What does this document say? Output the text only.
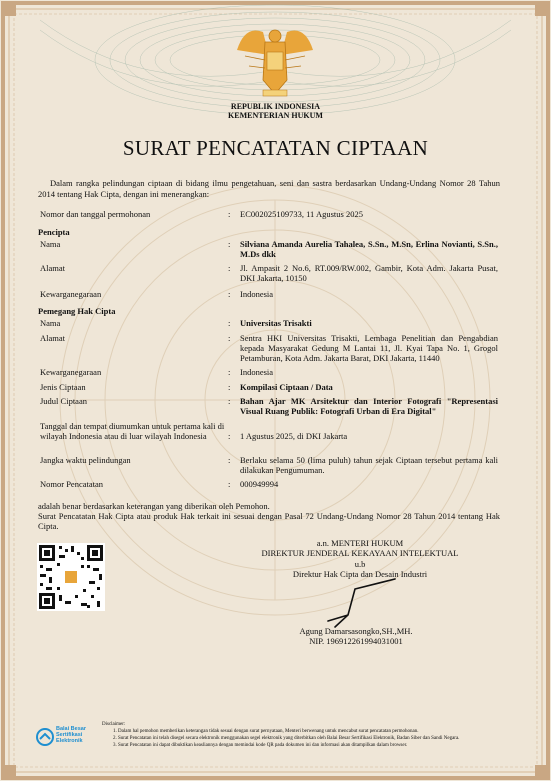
REPUBLIK INDONESIA
KEMENTERIAN HUKUM
SURAT PENCATATAN CIPTAAN
Dalam rangka pelindungan ciptaan di bidang ilmu pengetahuan, seni dan sastra berdasarkan Undang-Undang Nomor 28 Tahun 2014 tentang Hak Cipta, dengan ini menerangkan:
Nomor dan tanggal permohonan	:	EC002025109733, 11 Agustus 2025
Pencipta
Nama	:	Silviana Amanda Aurelia Tahalea, S.Sn., M.Sn, Erlina Novianti, S.Sn., M.Ds dkk
Alamat	:	Jl. Ampasit 2 No.6, RT.009/RW.002, Gambir, Kota Adm. Jakarta Pusat, DKI Jakarta, 10150
Kewarganegaraan	:	Indonesia
Pemegang Hak Cipta
Nama	:	Universitas Trisakti
Alamat	:	Sentra HKI Universitas Trisakti, Lembaga Penelitian dan Pengabdian kepada Masyarakat Gedung M Lantai 11, Jl. Kyai Tapa No. 1, Grogol Petamburan, Kota Adm. Jakarta Barat, DKI Jakarta, 11440
Kewarganegaraan	:	Indonesia
Jenis Ciptaan	:	Kompilasi Ciptaan / Data
Judul Ciptaan	:	Bahan Ajar MK Arsitektur dan Interior Fotografi "Representasi Visual Ruang Publik: Fotografi Urban di Era Digital"
Tanggal dan tempat diumumkan untuk pertama kali di wilayah Indonesia atau di luar wilayah Indonesia	:	1 Agustus 2025, di DKI Jakarta
Jangka waktu pelindungan	:	Berlaku selama 50 (lima puluh) tahun sejak Ciptaan tersebut pertama kali dilakukan Pengumuman.
Nomor Pencatatan	:	000949994
adalah benar berdasarkan keterangan yang diberikan oleh Pemohon.
Surat Pencatatan Hak Cipta atau produk Hak terkait ini sesuai dengan Pasal 72 Undang-Undang Nomor 28 Tahun 2014 tentang Hak Cipta.
a.n. MENTERI HUKUM
DIREKTUR JENDERAL KEKAYAAN INTELEKTUAL
u.b
Direktur Hak Cipta dan Desain Industri
Agung Damarsasongko,SH.,MH.
NIP. 196912261994031001
Balai Besar
Sertifikasi
Elektronik
Disclaimer:
1. Dalam hal pemohon memberikan keterangan tidak sesuai dengan surat pernyataan, Menteri berwenang untuk mencabut surat pencatatan permohonan.
2. Surat Pencatatan ini telah disegel secara elektronik menggunakan segel elektronik yang diterbitkan oleh Balai Besar Sertifikasi Elektronik, Badan Siber dan Sandi Negara.
3. Surat Pencatatan ini dapat dibuktikan keasliannya dengan memindai kode QR pada dokumen ini dan informasi akan ditampilkan dalam browser.
